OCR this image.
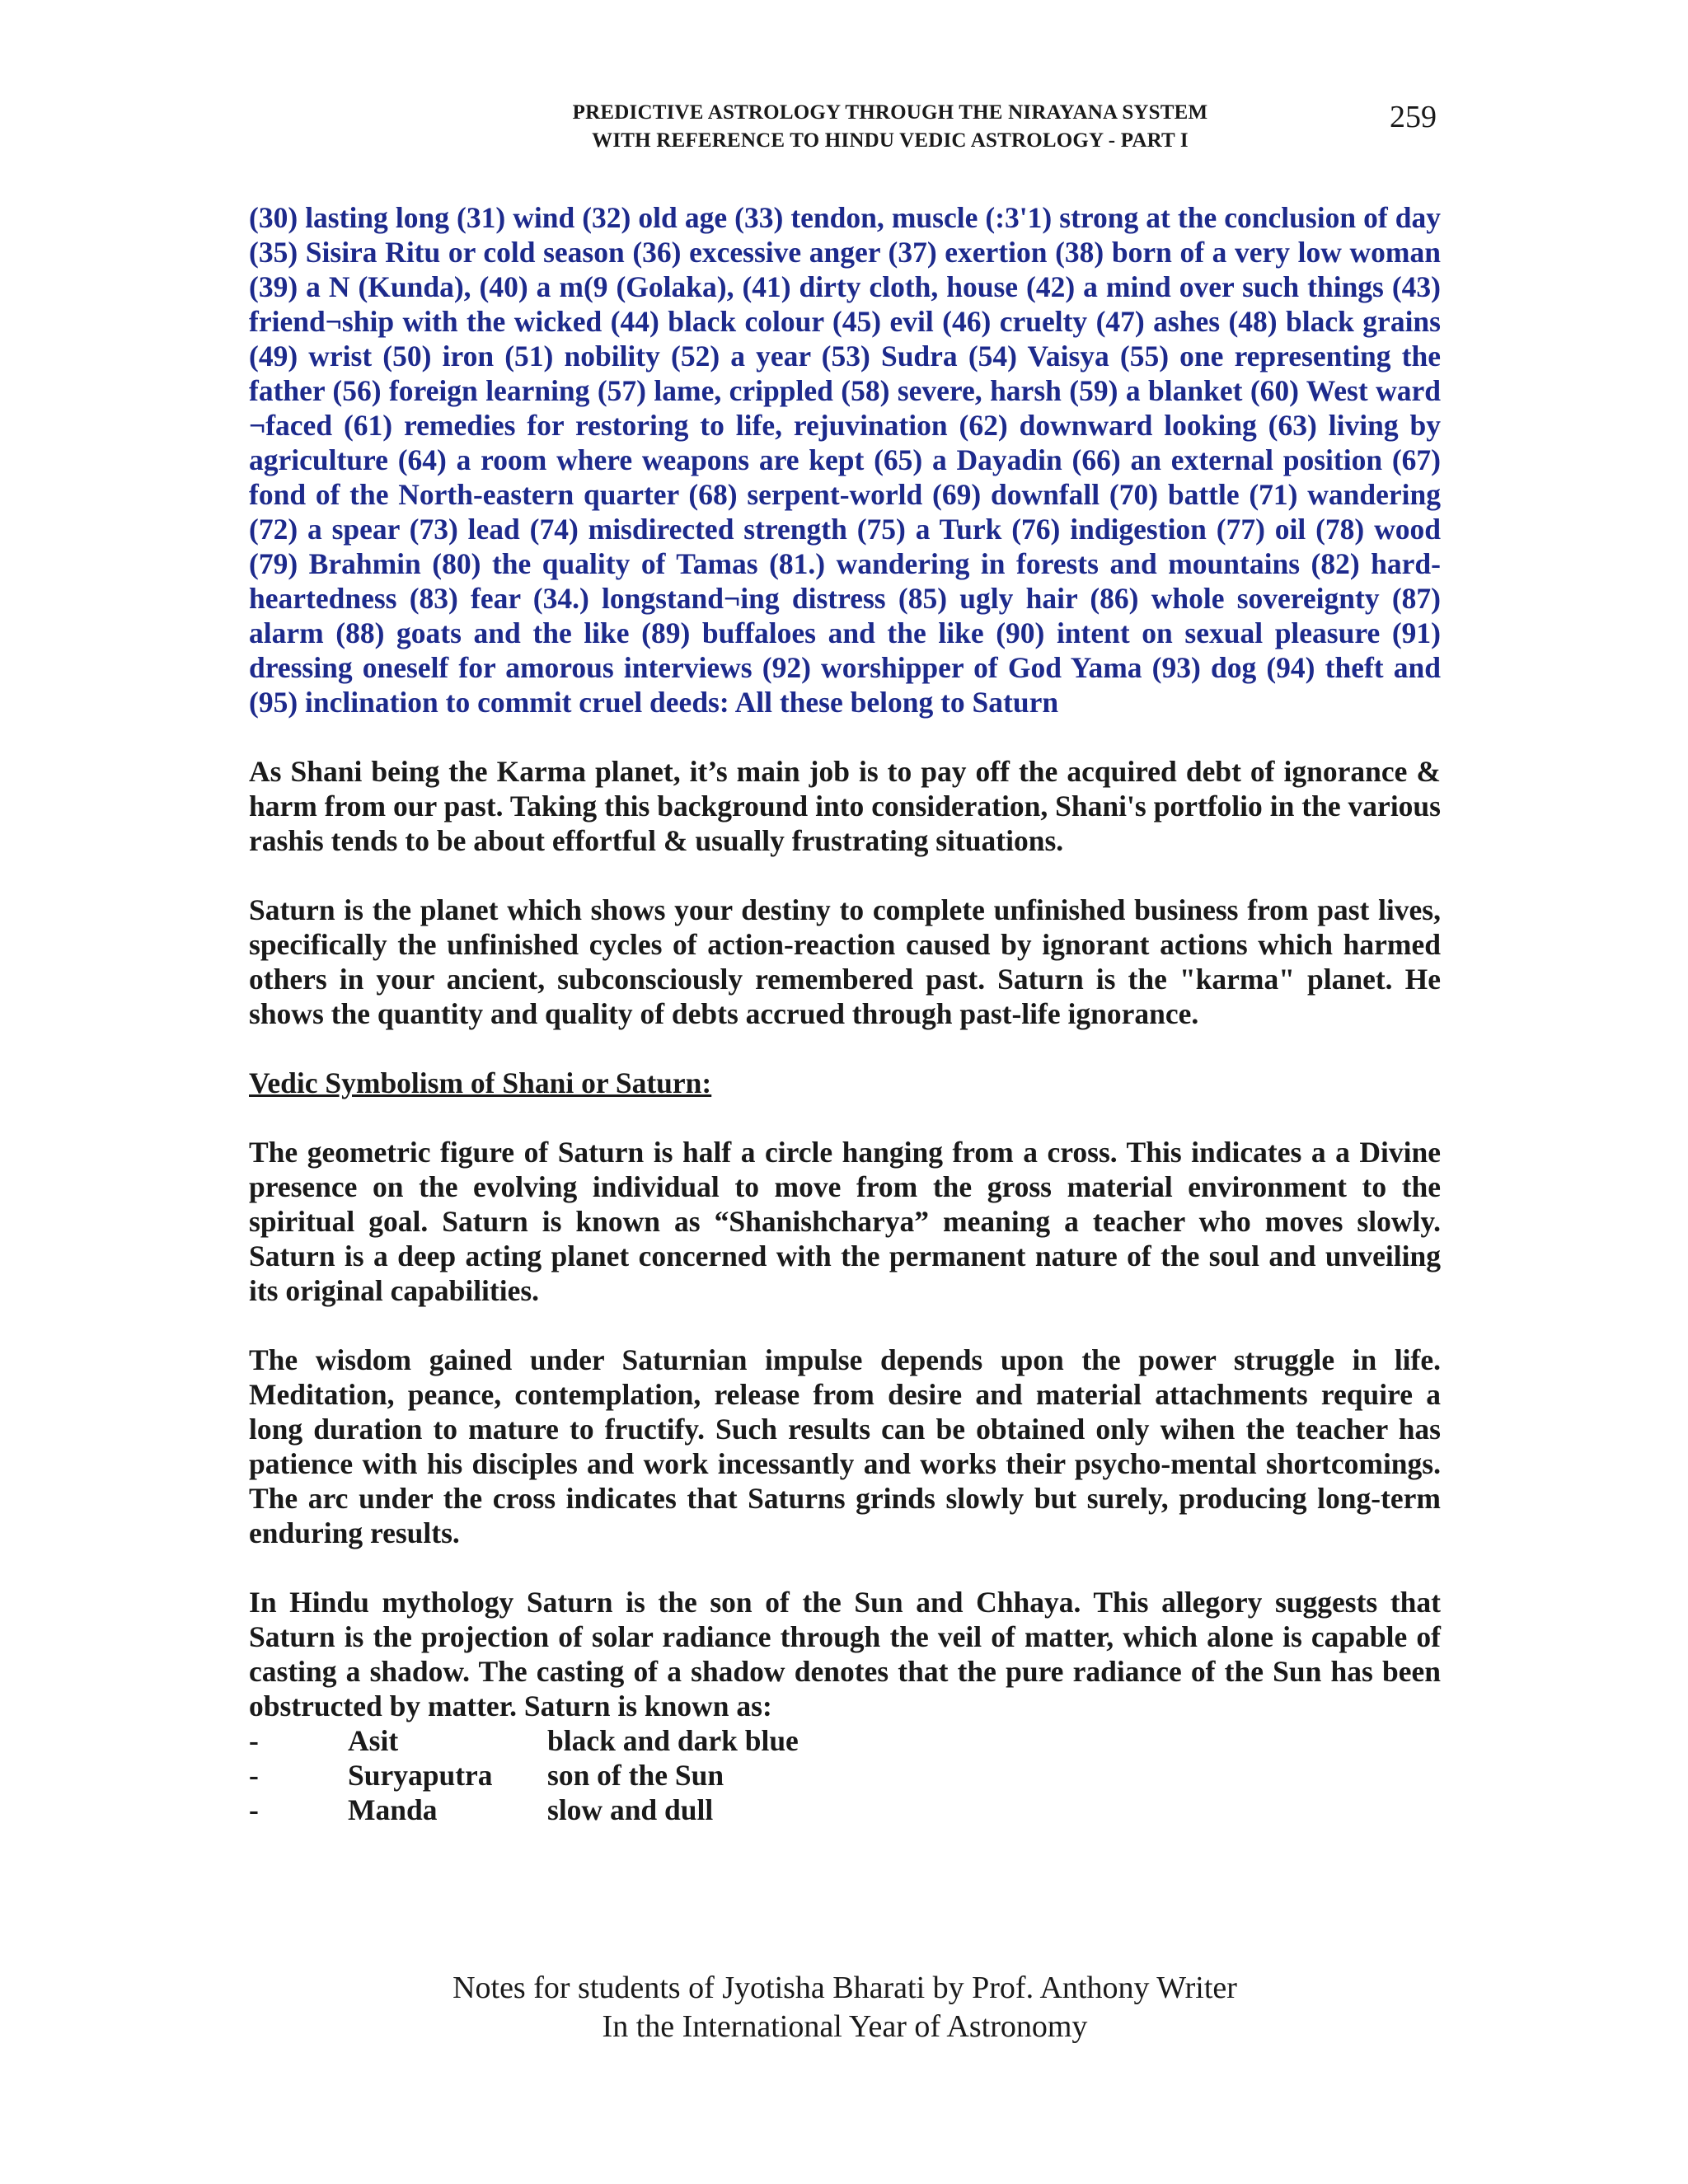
PREDICTIVE ASTROLOGY THROUGH THE NIRAYANA SYSTEM
WITH REFERENCE TO HINDU VEDIC ASTROLOGY - PART I
259

(30) lasting long (31) wind (32) old age (33) tendon, muscle (:3'1) strong at the conclusion of day (35) Sisira Ritu or cold season (36) excessive anger (37) exertion (38) born of a very low woman (39) a N (Kunda), (40) a m(9 (Golaka), (41) dirty cloth, house (42) a mind over such things (43) friend¬ship with the wicked (44) black colour (45) evil (46) cruelty (47) ashes (48) black grains (49) wrist (50) iron (51) nobility (52) a year (53) Sudra (54) Vaisya (55) one representing the father (56) foreign learning (57) lame, crippled (58) severe, harsh (59) a blanket (60) West ward ¬faced (61) remedies for restoring to life, rejuvination (62) downward looking (63) living by agriculture (64) a room where weapons are kept (65) a Dayadin (66) an external position (67) fond of the North-eastern quarter (68) serpent-world (69) downfall (70) battle (71) wandering (72) a spear (73) lead (74) misdirected strength (75) a Turk (76) indigestion (77) oil (78) wood (79) Brahmin (80) the quality of Tamas (81.) wandering in forests and mountains (82) hard-heartedness (83) fear (34.) longstand¬ing distress (85) ugly hair (86) whole sovereignty (87) alarm (88) goats and the like (89) buffaloes and the like (90) intent on sexual pleasure (91) dressing oneself for amorous interviews (92) worshipper of God Yama (93) dog (94) theft and (95) inclination to commit cruel deeds: All these belong to Saturn

As Shani being the Karma planet, it’s main job is to pay off the acquired debt of ignorance & harm from our past. Taking this background into consideration, Shani's portfolio in the various rashis tends to be about effortful & usually frustrating situations.

Saturn is the planet which shows your destiny to complete unfinished business from past lives, specifically the unfinished cycles of action-reaction caused by ignorant actions which harmed others in your ancient, subconsciously remembered past. Saturn is the "karma" planet. He shows the quantity and quality of debts accrued through past-life ignorance.

Vedic Symbolism of Shani or Saturn:

The geometric figure of Saturn is half a circle hanging from a cross. This indicates a a Divine presence on the evolving individual to move from the gross material environment to the spiritual goal. Saturn is known as “Shanishcharya” meaning a teacher who moves slowly. Saturn is a deep acting planet concerned with the permanent nature of the soul and unveiling its original capabilities.

The wisdom gained under Saturnian impulse depends upon the power struggle in life. Meditation, peance, contemplation, release from desire and material attachments require a long duration to mature to fructify. Such results can be obtained only wihen the teacher has patience with his disciples and work incessantly and works their psycho-mental shortcomings. The arc under the cross indicates that Saturns grinds slowly but surely, producing long-term enduring results.

In Hindu mythology Saturn is the son of the Sun and Chhaya. This allegory suggests that Saturn is the projection of solar radiance through the veil of matter, which alone is capable of casting a shadow. The casting of a shadow denotes that the pure radiance of the Sun has been obstructed by matter. Saturn is known as:

-	Asit	black and dark blue
-	Suryaputra	son of the Sun
-	Manda	slow and dull
Notes for students of Jyotisha Bharati by Prof. Anthony Writer
In the International Year of Astronomy
